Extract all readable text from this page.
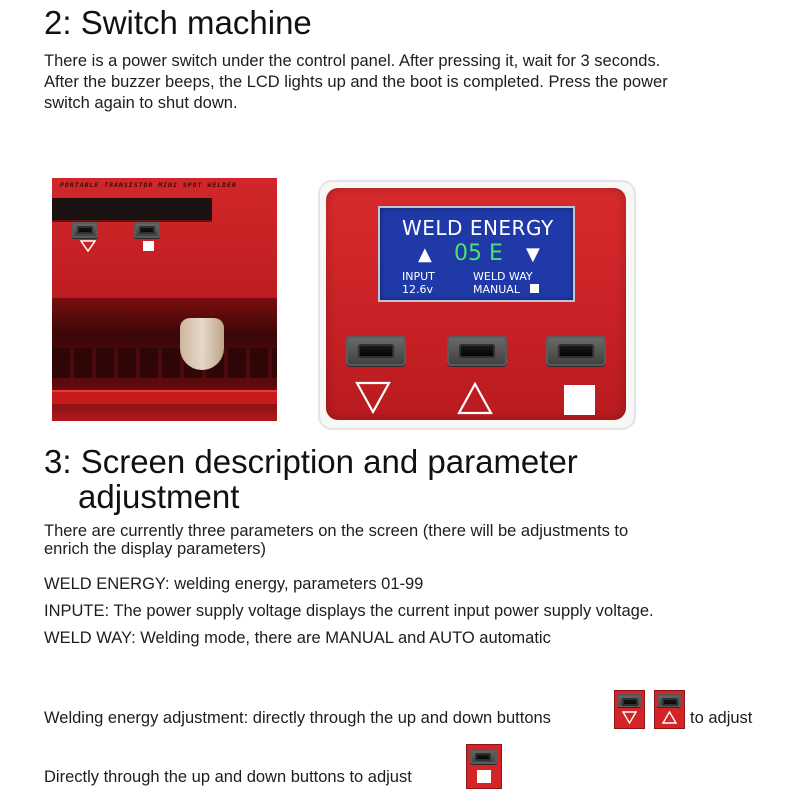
2: Switch machine
There is a power switch under the control panel. After pressing it, wait for 3 seconds.
After the buzzer beeps, the LCD lights up and the boot is completed. Press the power
switch again to shut down.
PORTABLE TRANSISTOR MINI SPOT WELDER
WELD ENERGY
▲ 05 E ▼
INPUT
12.6v
WELD WAY
MANUAL
3: Screen description and parameter
adjustment
There are currently three parameters on the screen (there will be adjustments to
enrich the display parameters)
WELD ENERGY: welding energy, parameters 01-99
INPUTE: The power supply voltage displays the current input power supply voltage.
WELD WAY: Welding mode, there are MANUAL and AUTO automatic
Welding energy adjustment: directly through the up and down buttons	to adjust
Directly through the up and down buttons to adjust
